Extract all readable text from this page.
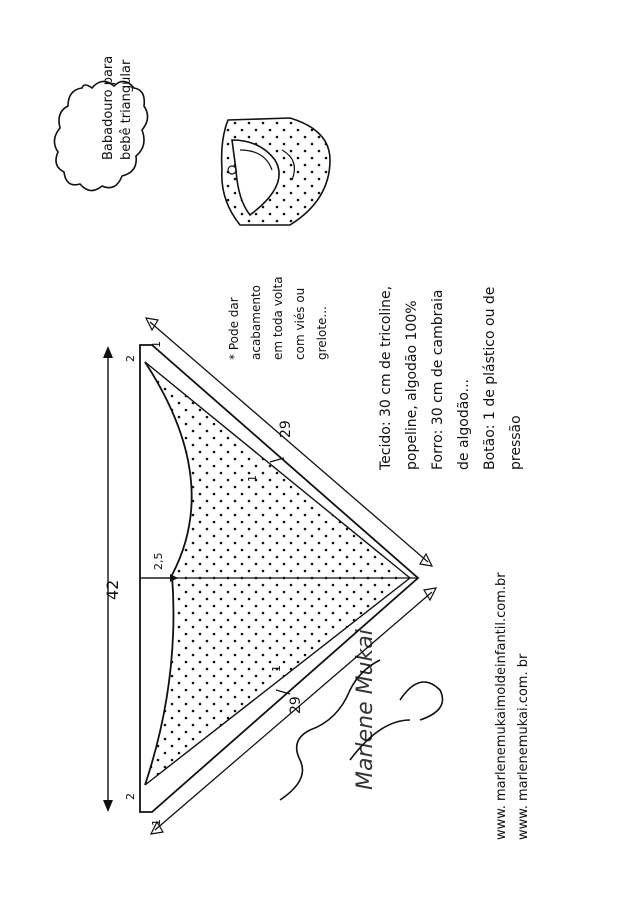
Babadouro para bebê triangular
* Pode dar acabamento em toda volta com viés ou grelote...	Tecido: 30 cm de tricoline, popeline, algodão 100% Forro: 30 cm de cambraia de algodão... Botão: 1 de plástico ou de pressão
42
29
29
2,5
2
2
1
1
1
1	Marlene Mukai	www. marlenemukaimoldeinfantil.com.br www. marlenemukai.com. br
